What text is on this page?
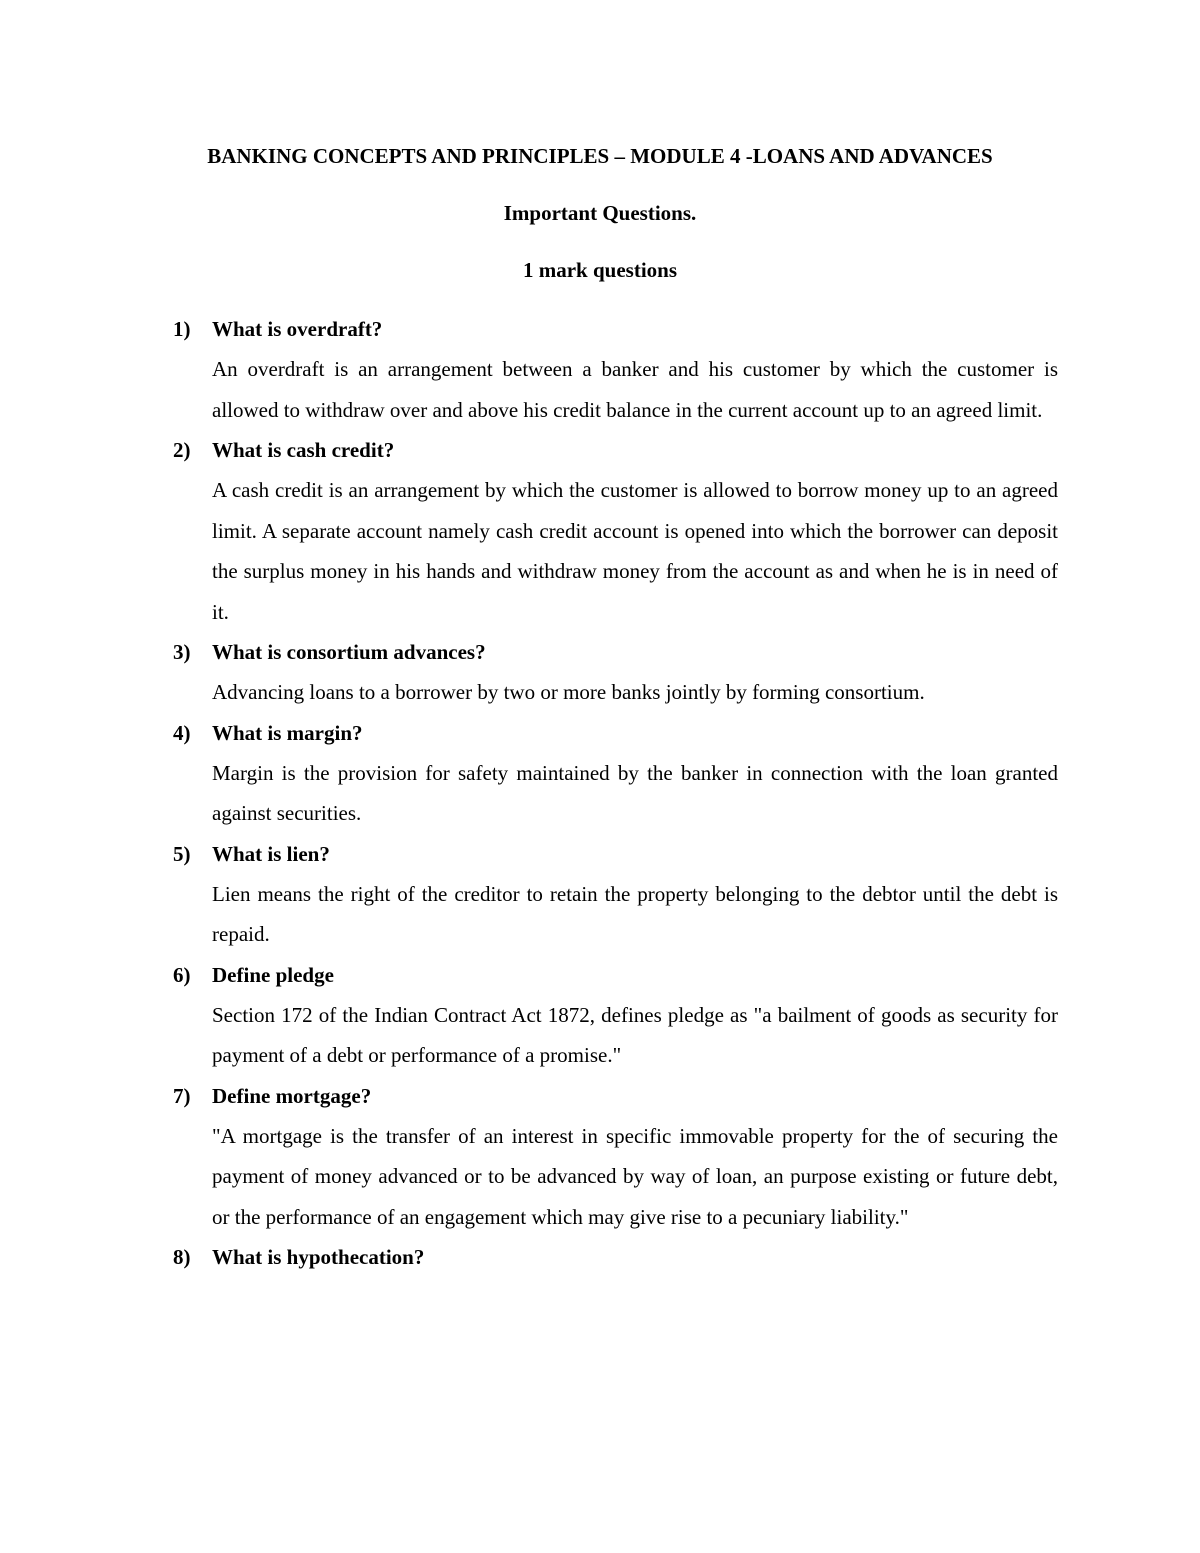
BANKING CONCEPTS AND PRINCIPLES – MODULE 4 -LOANS AND ADVANCES
Important Questions.
1 mark questions
1) What is overdraft?
An overdraft is an arrangement between a banker and his customer by which the customer is allowed to withdraw over and above his credit balance in the current account up to an agreed limit.
2) What is cash credit?
A cash credit is an arrangement by which the customer is allowed to borrow money up to an agreed limit. A separate account namely cash credit account is opened into which the borrower can deposit the surplus money in his hands and withdraw money from the account as and when he is in need of it.
3) What is consortium advances?
Advancing loans to a borrower by two or more banks jointly by forming consortium.
4) What is margin?
Margin is the provision for safety maintained by the banker in connection with the loan granted against securities.
5) What is lien?
Lien means the right of the creditor to retain the property belonging to the debtor until the debt is repaid.
6) Define pledge
Section 172 of the Indian Contract Act 1872, defines pledge as "a bailment of goods as security for payment of a debt or performance of a promise."
7) Define mortgage?
"A mortgage is the transfer of an interest in specific immovable property for the of securing the payment of money advanced or to be advanced by way of loan, an purpose existing or future debt, or the performance of an engagement which may give rise to a pecuniary liability."
8) What is hypothecation?
